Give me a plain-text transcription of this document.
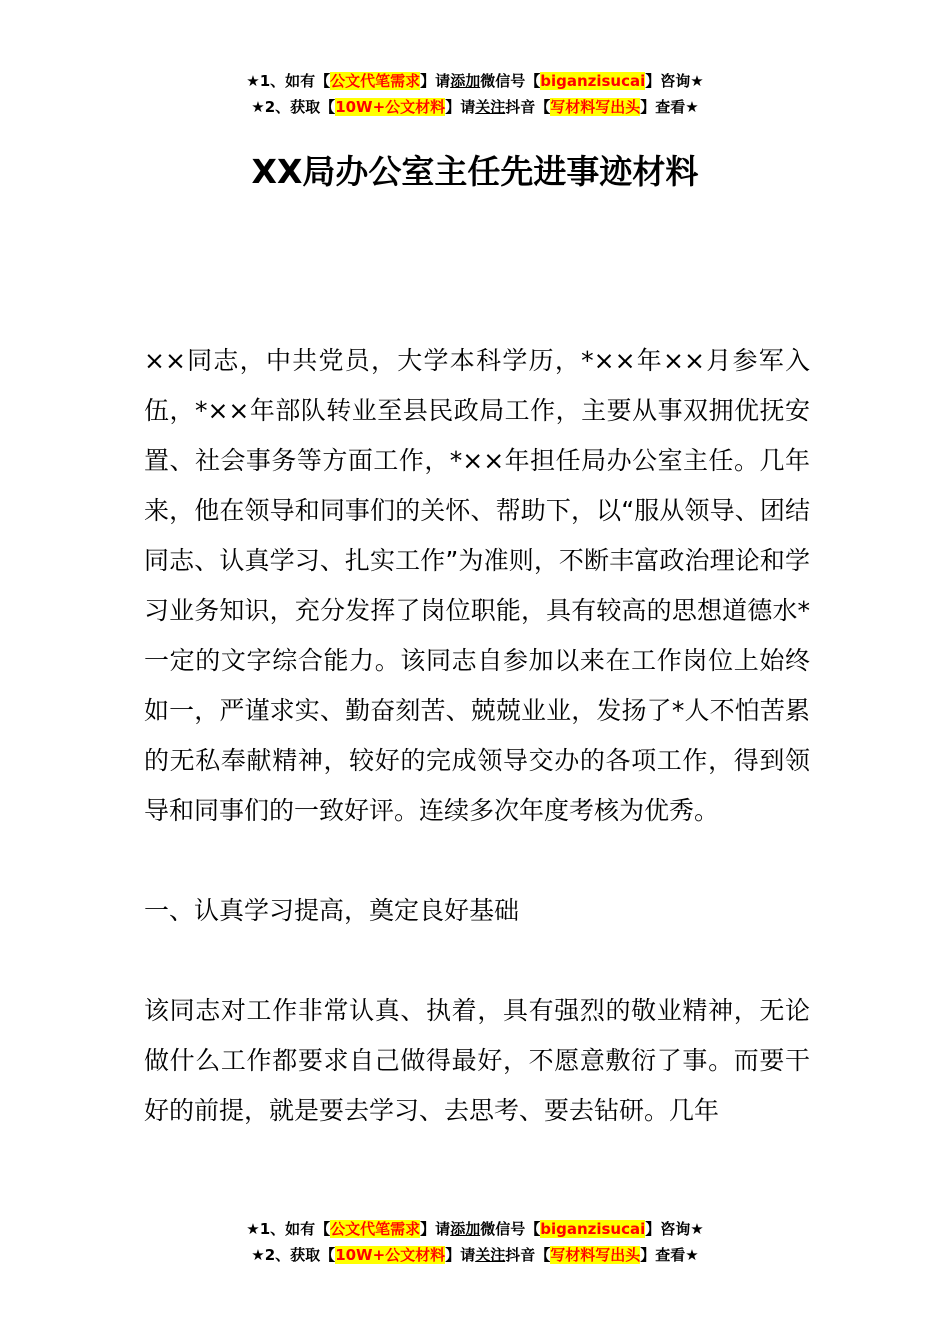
★1、如有【公文代笔需求】请添加微信号【biganzisucai】咨询★
★2、获取【10W+公文材料】请关注抖音【写材料写出头】查看★
XX局办公室主任先进事迹材料

××同志，中共党员，大学本科学历，*××年××月参军入伍，*××年部队转业至县民政局工作，主要从事双拥优抚安置、社会事务等方面工作，*××年担任局办公室主任。几年来，他在领导和同事们的关怀、帮助下，以“服从领导、团结同志、认真学习、扎实工作”为准则，不断丰富政治理论和学习业务知识，充分发挥了岗位职能，具有较高的思想道德水*一定的文字综合能力。该同志自参加以来在工作岗位上始终如一，严谨求实、勤奋刻苦、兢兢业业，发扬了*人不怕苦累的无私奉献精神，较好的完成领导交办的各项工作，得到领导和同事们的一致好评。连续多次年度考核为优秀。

一、认真学习提高，奠定良好基础

该同志对工作非常认真、执着，具有强烈的敬业精神，无论做什么工作都要求自己做得最好，不愿意敷衍了事。而要干好的前提，就是要去学习、去思考、要去钻研。几年

★1、如有【公文代笔需求】请添加微信号【biganzisucai】咨询★
★2、获取【10W+公文材料】请关注抖音【写材料写出头】查看★
